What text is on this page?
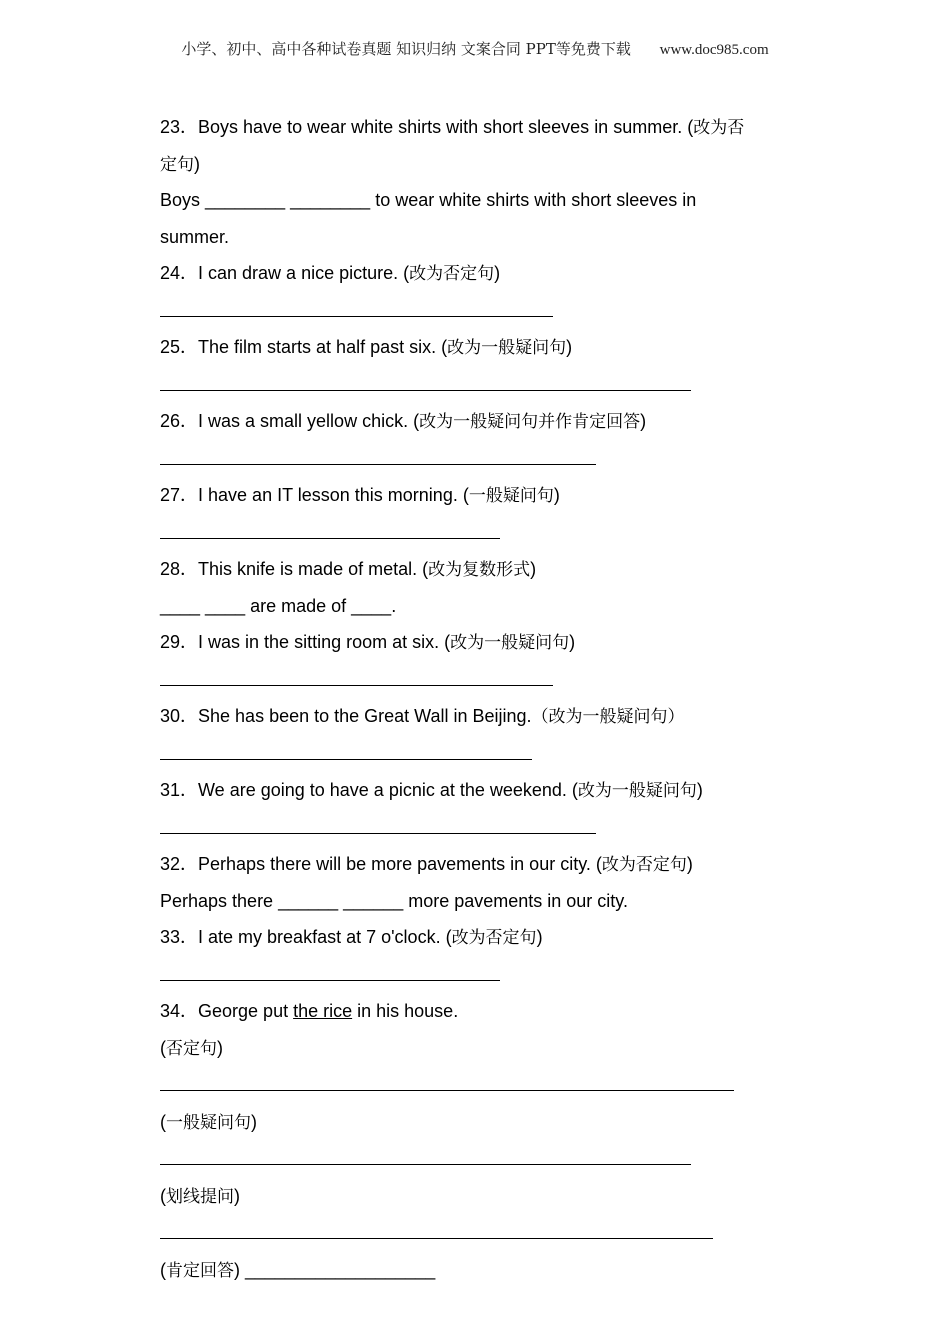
小学、初中、高中各种试卷真题 知识归纳 文案合同 PPT等免费下载 www.doc985.com
23．Boys have to wear white shirts with short sleeves in summer. (改为否
定句)
Boys ________ ________ to wear white shirts with short sleeves in
summer.
24．I can draw a nice picture. (改为否定句)
25．The film starts at half past six. (改为一般疑问句)
26．I was a small yellow chick. (改为一般疑问句并作肯定回答)
27．I have an IT lesson this morning. (一般疑问句)
28．This knife is made of metal. (改为复数形式)
____ ____ are made of ____.
29．I was in the sitting room at six. (改为一般疑问句)
30．She has been to the Great Wall in Beijing.（改为一般疑问句）
31．We are going to have a picnic at the weekend. (改为一般疑问句)
32．Perhaps there will be more pavements in our city. (改为否定句)
Perhaps there ______ ______ more pavements in our city.
33．I ate my breakfast at 7 o'clock. (改为否定句)
34．George put the rice in his house.
(否定句)
(一般疑问句)
(划线提问)
(肯定回答) ___________________
